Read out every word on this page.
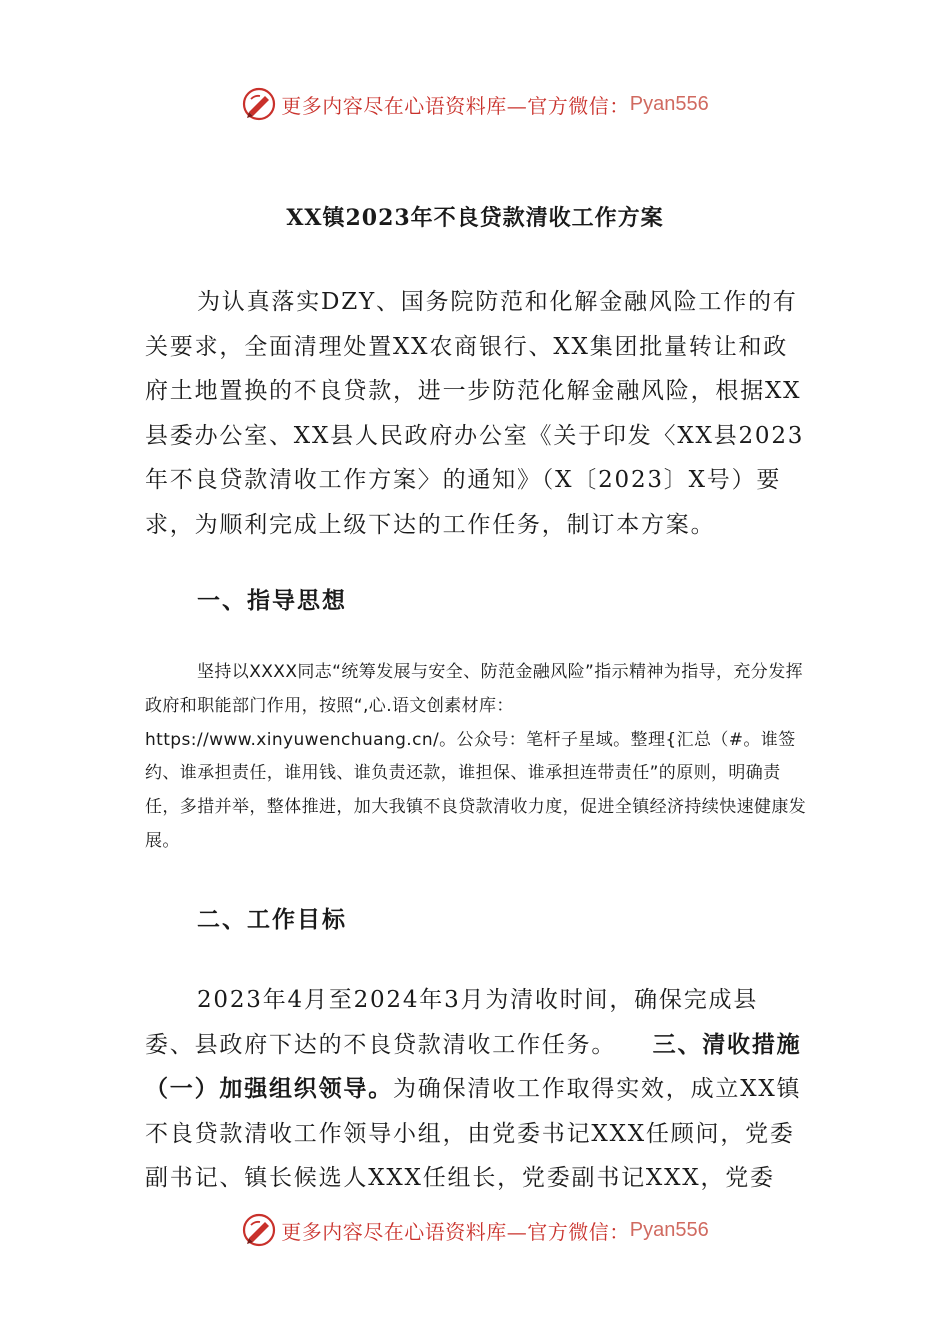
更多内容尽在心语资料库—官方微信： Pyan556
XX镇2023年不良贷款清收工作方案

为认真落实DZY、国务院防范和化解金融风险工作的有关要求，全面清理处置XX农商银行、XX集团批量转让和政府土地置换的不良贷款，进一步防范化解金融风险，根据XX县委办公室、XX县人民政府办公室《关于印发〈XX县2023年不良贷款清收工作方案〉的通知》（X〔2023〕X号）要求，为顺利完成上级下达的工作任务，制订本方案。

一、指导思想

坚持以XXXX同志“统筹发展与安全、防范金融风险”指示精神为指导，充分发挥政府和职能部门作用，按照“,心.语文创素材库：https://www.xinyuwenchuang.cn/。公众号：笔杆子星域。整理{汇总（#。谁签约、谁承担责任，谁用钱、谁负责还款，谁担保、谁承担连带责任”的原则，明确责任，多措并举，整体推进，加大我镇不良贷款清收力度，促进全镇经济持续快速健康发展。

二、工作目标

2023年4月至2024年3月为清收时间，确保完成县委、县政府下达的不良贷款清收工作任务。 三、清收措施
（一）加强组织领导。为确保清收工作取得实效，成立XX镇不良贷款清收工作领导小组，由党委书记XXX任顾问，党委副书记、镇长候选人XXX任组长，党委副书记XXX，党委

更多内容尽在心语资料库—官方微信： Pyan556
